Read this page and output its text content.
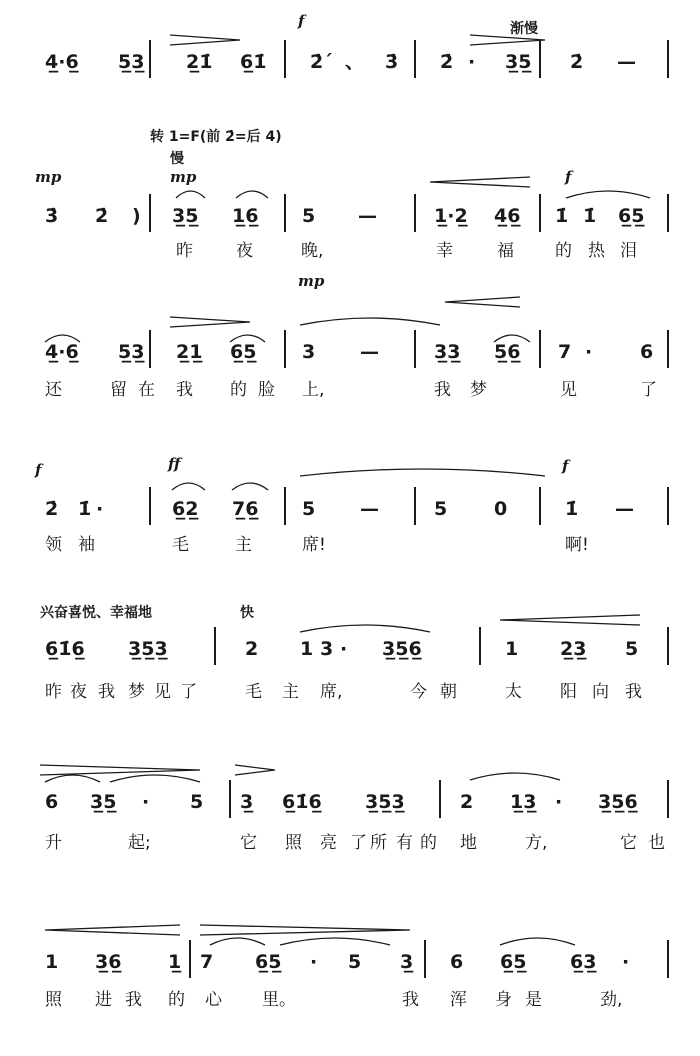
渐慢
转 1=F(前 2̇=后 4)
慢
兴奋喜悦、幸福地	快
4̲·6̲ 5̲3̲ 2̲1̇ 6̲1̇ 2̇ˊ 、 3̇ 2̇ · 3̲5̲ 2̇ —
f
3̇ 2̇ ) 3̲5̲ 1̲6̲ 5 —	1̲·2̲ 4̲6̲ 1̇ 1̇ 6̲5̲
昨	夜	晚,	幸	福 的 热 泪
mp	mp	f
4̲·6̲ 5̲3̲ 2̲1̲ 6̲5̲ 3 —	3̲3̲ 5̲6̲ 7 ·	6
还	留 在 我 的 脸 上,	我 梦	见	了
mp
2̇ 1̇ ·	6̲2̲ 7̲6̲ 5 —	5 0	1̇ —
领 袖	毛	主	席!	啊!
f	ff	f
6̲1̇6̲ 3̲5̲3̲	2 1 3 · 3̲5̲6̲	1 2̲3̲ 5
昨 夜 我 梦 见 了	毛 主 席,	今 朝	太 阳 向 我
6 3̲5̲ · 5 3̲ 6̲1̇6̲ 3̲5̲3̲	2 1̲3̲ · 3̲5̲6̲
升	起;	它 照 亮 了 所 有 的 地	方,	它 也
1 3̲6̲ 1̲ 7 6̲5̲ · 5 3̲ 6 6̲5̲ 6̲3̲ ·
照 进 我 的 心 里。	我 浑 身 是	劲,
